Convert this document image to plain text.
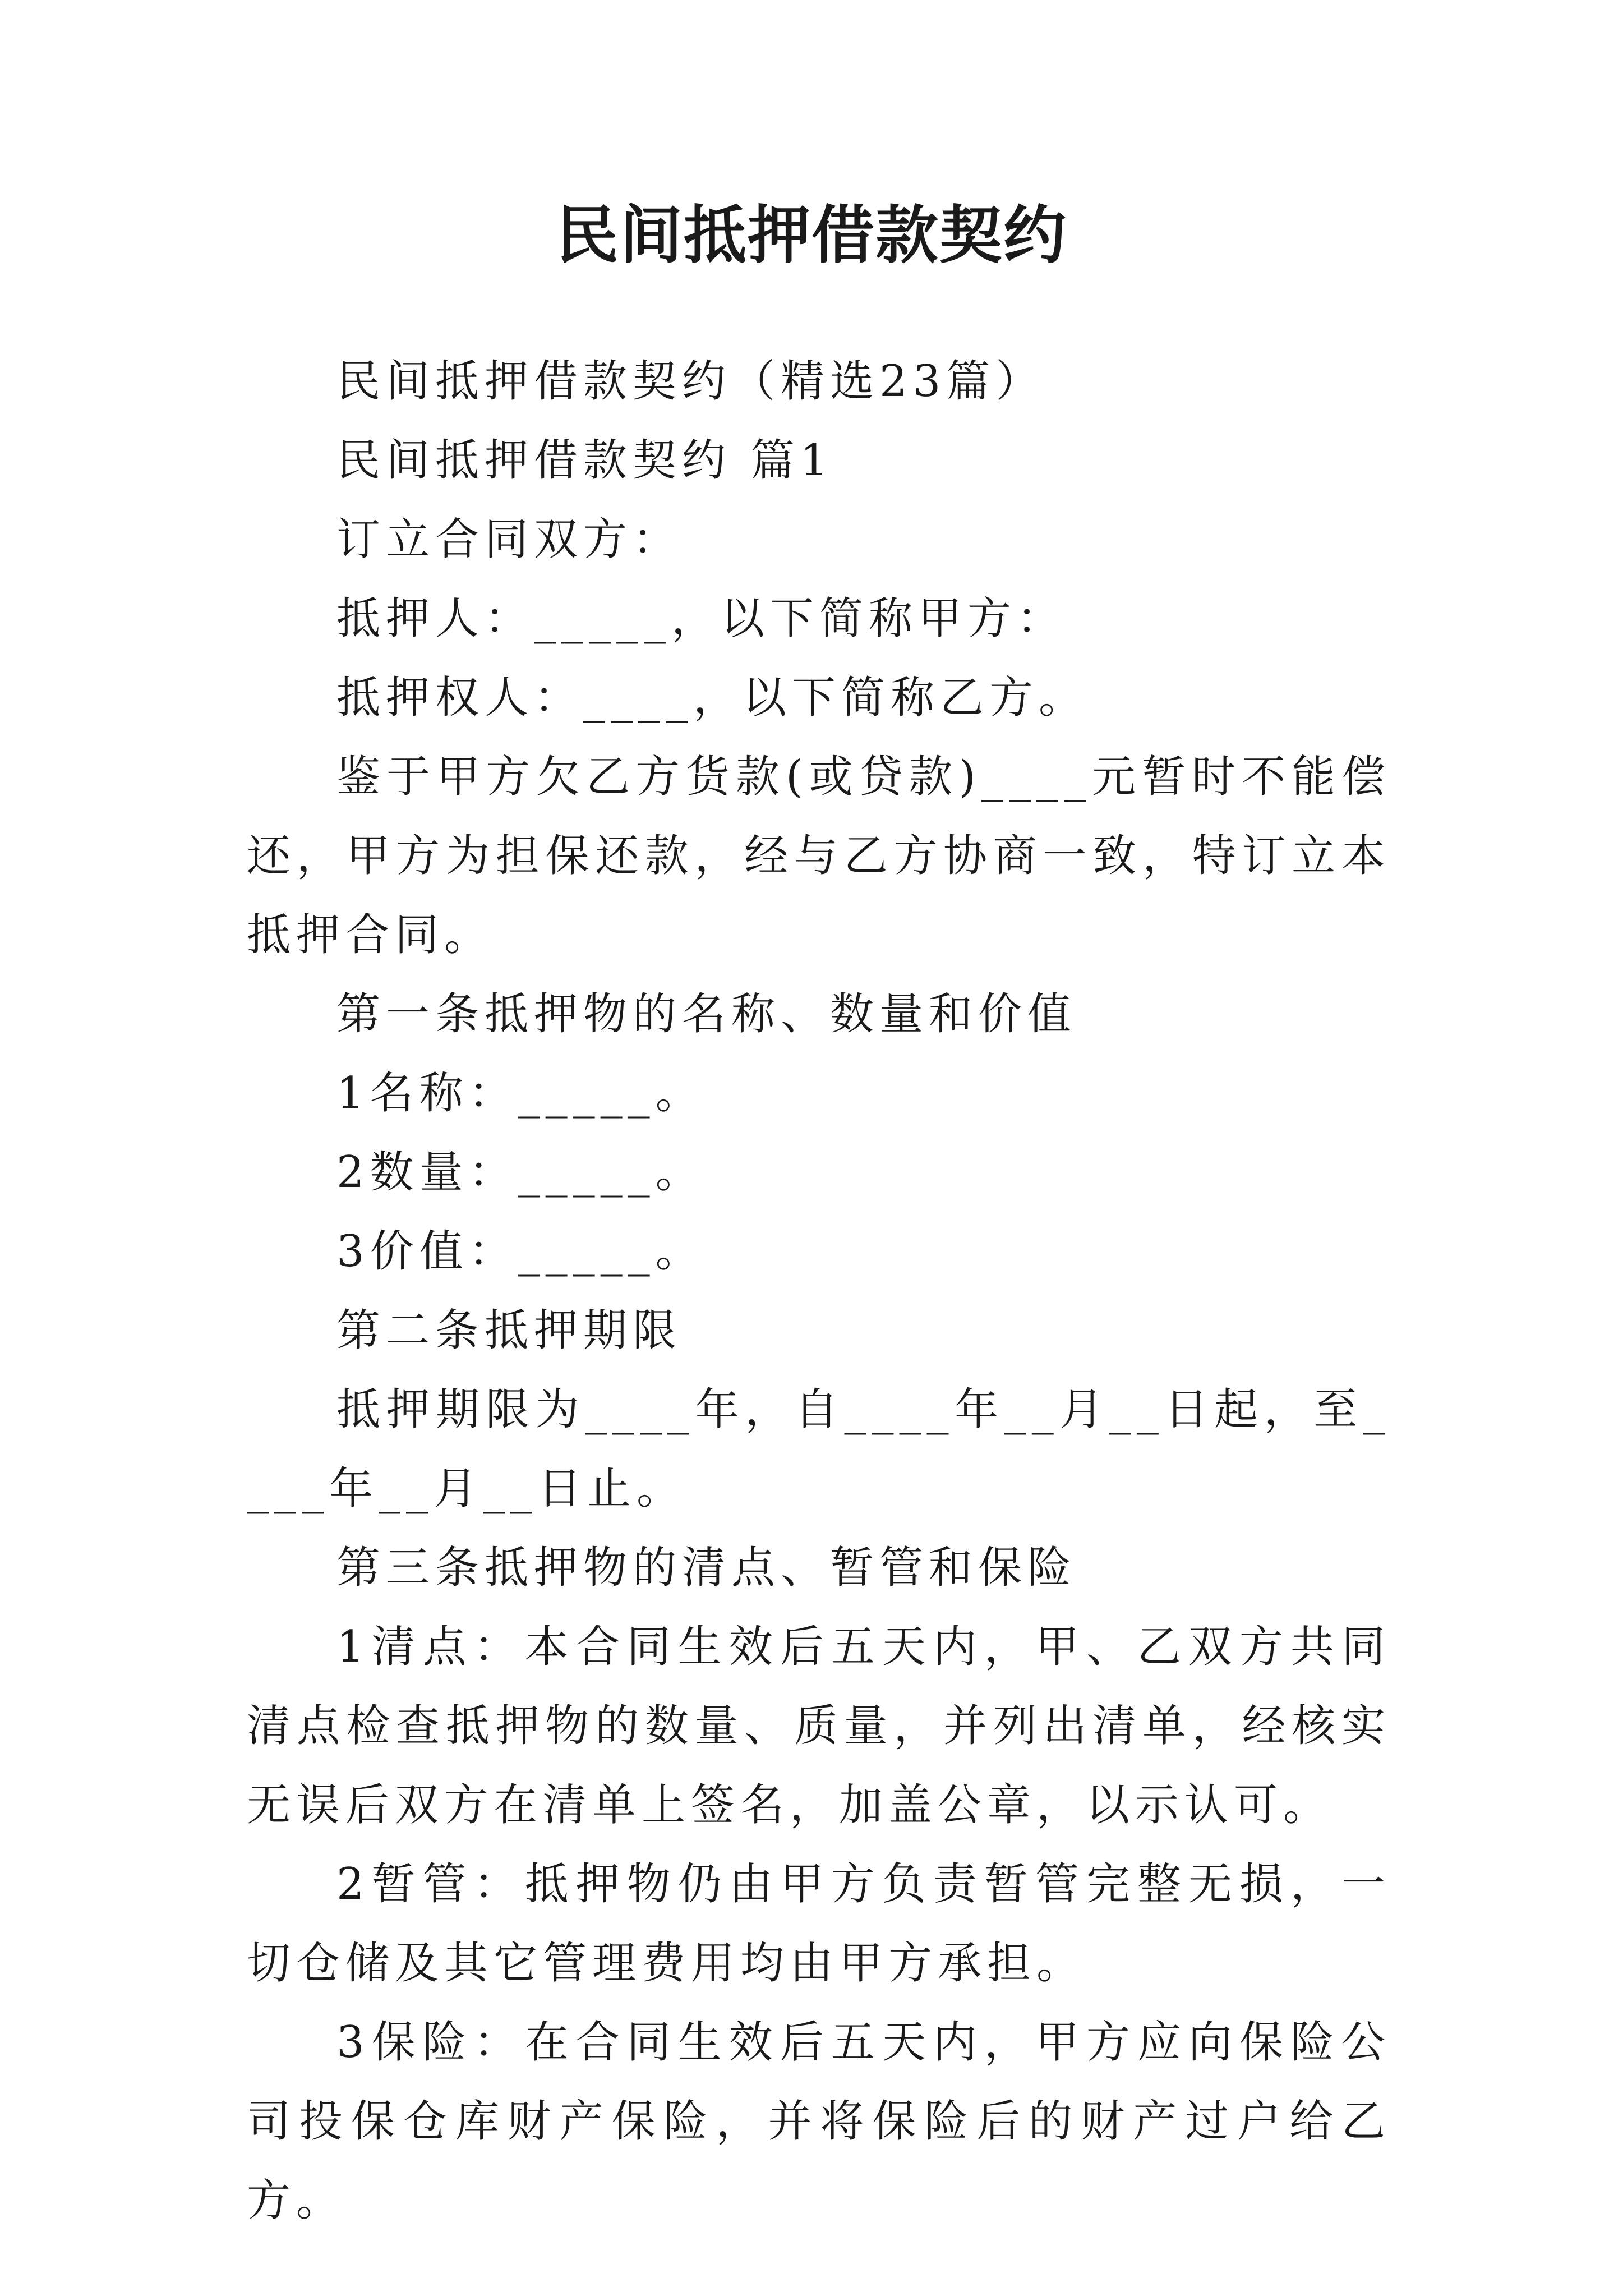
民间抵押借款契约

民间抵押借款契约（精选23篇）

民间抵押借款契约 篇1

订立合同双方：

抵押人：_____，以下简称甲方：

抵押权人：____，以下简称乙方。

鉴于甲方欠乙方货款(或贷款)____元暂时不能偿还，甲方为担保还款，经与乙方协商一致，特订立本抵押合同。

第一条抵押物的名称、数量和价值

1名称：_____。

2数量：_____。

3价值：_____。

第二条抵押期限

抵押期限为____年，自____年__月__日起，至____年__月__日止。

第三条抵押物的清点、暂管和保险

1清点：本合同生效后五天内，甲、乙双方共同清点检查抵押物的数量、质量，并列出清单，经核实无误后双方在清单上签名，加盖公章，以示认可。

2暂管：抵押物仍由甲方负责暂管完整无损，一切仓储及其它管理费用均由甲方承担。

3保险：在合同生效后五天内，甲方应向保险公司投保仓库财产保险，并将保险后的财产过户给乙方。
